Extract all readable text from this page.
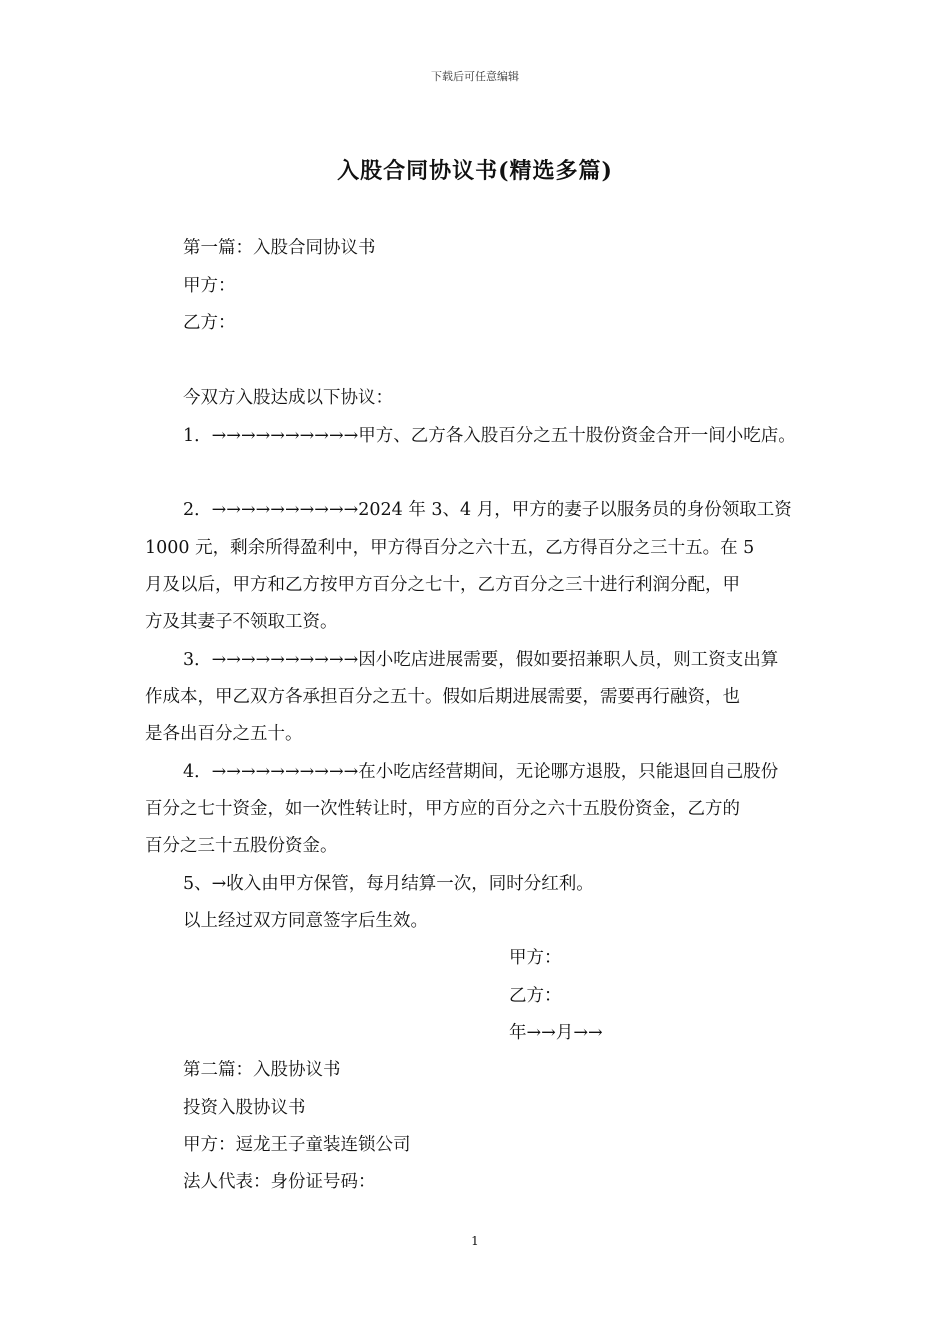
下载后可任意编辑
入股合同协议书(精选多篇)
第一篇：入股合同协议书
甲方：
乙方：
今双方入股达成以下协议：
1．→→→→→→→→→→甲方、乙方各入股百分之五十股份资金合开一间小吃店。
2．→→→→→→→→→→2024 年 3、4 月，甲方的妻子以服务员的身份领取工资
1000 元，剩余所得盈利中，甲方得百分之六十五，乙方得百分之三十五。在 5
月及以后，甲方和乙方按甲方百分之七十，乙方百分之三十进行利润分配，甲
方及其妻子不领取工资。
3．→→→→→→→→→→因小吃店进展需要，假如要招兼职人员，则工资支出算
作成本，甲乙双方各承担百分之五十。假如后期进展需要，需要再行融资，也
是各出百分之五十。
4．→→→→→→→→→→在小吃店经营期间，无论哪方退股，只能退回自己股份
百分之七十资金，如一次性转让时，甲方应的百分之六十五股份资金，乙方的
百分之三十五股份资金。
5、→收入由甲方保管，每月结算一次，同时分红利。
以上经过双方同意签字后生效。
甲方：
乙方：
年→→月→→
第二篇：入股协议书
投资入股协议书
甲方：逗龙王子童装连锁公司
法人代表：身份证号码：
1
